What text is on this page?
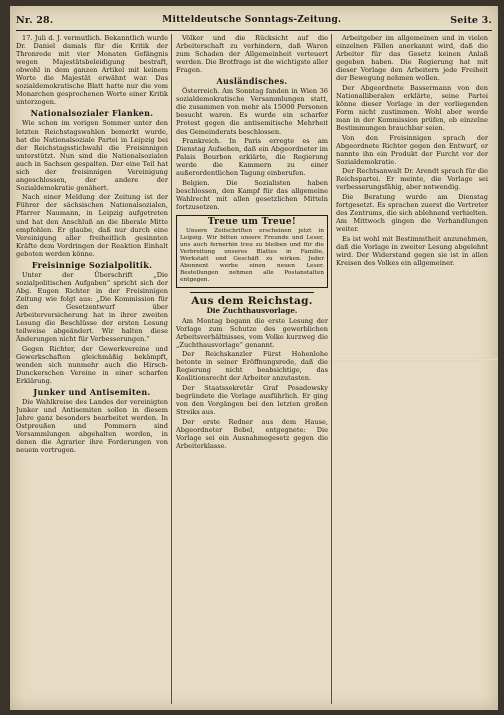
Nr. 28.	Mitteldeutsche Sonntags-Zeitung.	Seite 3.

17. Juli d. J. vermutlich. Bekanntlich wurde Dr. Daniel damals für die Kritik der Thronrede mit vier Monaten Gefängnis wegen Majestätsbeleidigung bestraft, obwohl in dem ganzen Artikel mit keinem Worte die Majestät erwähnt war. Das sozialdemokratische Blatt hatte nur die vom Monarchen gesprochenen Worte einer Kritik unterzogen.

Nationalsozialer Flanken.

Wie schon im vorigen Sommer unter den letzten Reichstagswahlen bemerkt wurde, hat die Nationalsoziale Partei in Leipzig bei der Reichstagsstichwahl die Freisinnigen unterstützt. Nun sind die Nationalsozialen auch in Sachsen gespalten. Der eine Teil hat sich der freisinnigen Vereinigung angeschlossen, der andere der Sozialdemokratie genähert.

Nach einer Meldung der Zeitung ist der Führer der sächsischen Nationalsozialen, Pfarrer Naumann, in Leipzig aufgetreten und hat den Anschluß an die liberale Mitte empfohlen. Er glaube, daß nur durch eine Vereinigung aller freiheitlich gesinnten Kräfte dem Vordringen der Reaktion Einhalt geboten werden könne.

Freisinnige Sozialpolitik.

Unter der Überschrift „Die sozialpolitischen Aufgaben“ spricht sich der Abg. Eugen Richter in der Freisinnigen Zeitung wie folgt aus: „Die Kommission für den Gesetzentwurf über Arbeiterversicherung hat in ihrer zweiten Lesung die Beschlüsse der ersten Lesung teilweise abgeändert. Wir halten diese Änderungen nicht für Verbesserungen.“

Gegen Richter, der Gewerkvereine und Gewerkschaften gleichmäßig bekämpft, wenden sich nunmehr auch die Hirsch-Dunckerschen Vereine in einer scharfen Erklärung.

Junker und Antisemiten.

Die Wahlkreise des Landes der vereinigten Junker und Antisemiten sollen in diesem Jahre ganz besonders bearbeitet werden. In Ostpreußen und Pommern sind Versammlungen abgehalten worden, in denen die Agrarier ihre Forderungen von neuem vortrugen.

Völker und die Rücksicht auf die Arbeiterschaft zu verhindern, daß Waren zum Schaden der Allgemeinheit verteuert werden. Die Brotfrage ist die wichtigste aller Fragen.

Ausländisches.

Österreich. Am Sonntag fanden in Wien 36 sozialdemokratische Versammlungen statt, die zusammen von mehr als 15000 Personen besucht waren. Es wurde ein scharfer Protest gegen die antisemitische Mehrheit des Gemeinderats beschlossen.

Frankreich. In Paris erregte es am Dienstag Aufsehen, daß ein Abgeordneter im Palais Bourbon erklärte, die Regierung werde die Kammern zu einer außerordentlichen Tagung einberufen.

Belgien. Die Sozialisten haben beschlossen, den Kampf für das allgemeine Wahlrecht mit allen gesetzlichen Mitteln fortzusetzen.

Treue um Treue!

Unsere Zeitschriften erscheinen jetzt in Leipzig. Wir bitten unsere Freunde und Leser, uns auch fernerhin treu zu bleiben und für die Verbreitung unseres Blattes in Familie, Werkstatt und Geschäft zu wirken. Jeder Abonnent werbe einen neuen Leser. Bestellungen nehmen alle Postanstalten entgegen.

Aus dem Reichstag.
Die Zuchthausvorlage.

Am Montag begann die erste Lesung der Vorlage zum Schutze des gewerblichen Arbeitsverhältnisses, vom Volke kurzweg die „Zuchthausvorlage“ genannt.

Der Reichskanzler Fürst Hohenlohe betonte in seiner Eröffnungsrede, daß die Regierung nicht beabsichtige, das Koalitionsrecht der Arbeiter anzutasten.

Der Staatssekretär Graf Posadowsky begründete die Vorlage ausführlich. Er ging von den Vorgängen bei den letzten großen Streiks aus.

Der erste Redner aus dem Hause, Abgeordneter Bebel, entgegnete: Die Vorlage sei ein Ausnahmegesetz gegen die Arbeiterklasse.

Arbeitgeber im allgemeinen und in vielen einzelnen Fällen anerkannt wird, daß die Arbeiter für das Gesetz keinen Anlaß gegeben haben. Die Regierung hat mit dieser Vorlage den Arbeitern jede Freiheit der Bewegung nehmen wollen.

Der Abgeordnete Bassermann von den Nationalliberalen erklärte, seine Partei könne dieser Vorlage in der vorliegenden Form nicht zustimmen. Wohl aber werde man in der Kommission prüfen, ob einzelne Bestimmungen brauchbar seien.

Von den Freisinnigen sprach der Abgeordnete Richter gegen den Entwurf, er nannte ihn ein Produkt der Furcht vor der Sozialdemokratie.

Der Rechtsanwalt Dr. Arendt sprach für die Reichspartei. Er meinte, die Vorlage sei verbesserungsfähig, aber notwendig.

Die Beratung wurde am Dienstag fortgesetzt. Es sprachen zuerst die Vertreter des Zentrums, die sich ablehnend verhielten. Am Mittwoch gingen die Verhandlungen weiter.

Es ist wohl mit Bestimmtheit anzunehmen, daß die Vorlage in zweiter Lesung abgelehnt wird. Der Widerstand gegen sie ist in allen Kreisen des Volkes ein allgemeiner.
